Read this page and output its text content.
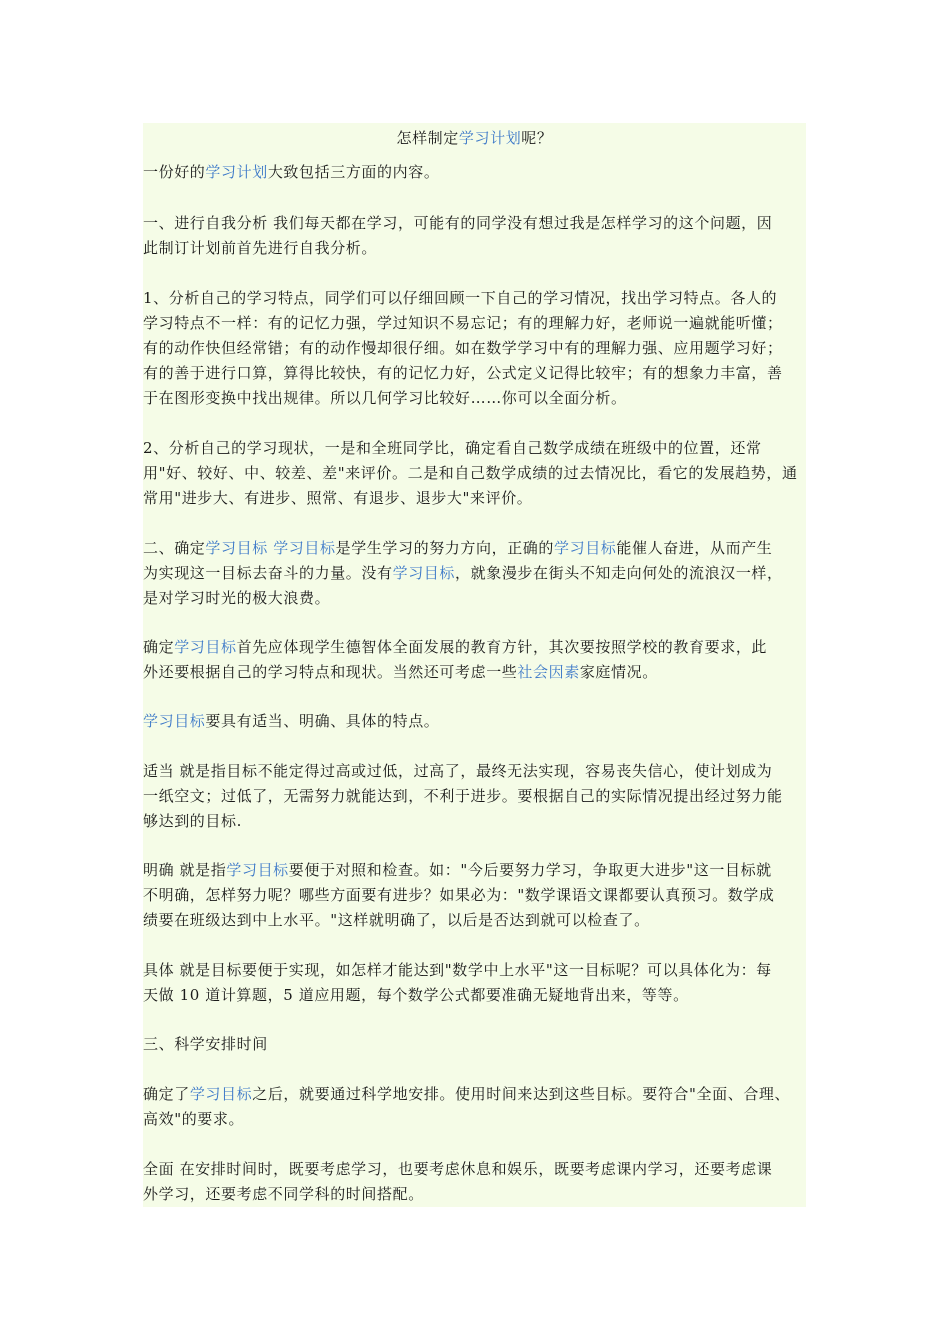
怎样制定学习计划呢？
一份好的学习计划大致包括三方面的内容。
一、进行自我分析 我们每天都在学习，可能有的同学没有想过我是怎样学习的这个问题，因
此制订计划前首先进行自我分析。
1、分析自己的学习特点，同学们可以仔细回顾一下自己的学习情况，找出学习特点。各人的
学习特点不一样：有的记忆力强，学过知识不易忘记；有的理解力好，老师说一遍就能听懂；
有的动作快但经常错；有的动作慢却很仔细。如在数学学习中有的理解力强、应用题学习好；
有的善于进行口算，算得比较快，有的记忆力好，公式定义记得比较牢；有的想象力丰富，善
于在图形变换中找出规律。所以几何学习比较好……你可以全面分析。
2、分析自己的学习现状，一是和全班同学比，确定看自己数学成绩在班级中的位置，还常
用"好、较好、中、较差、差"来评价。二是和自己数学成绩的过去情况比，看它的发展趋势，通
常用"进步大、有进步、照常、有退步、退步大"来评价。
二、确定学习目标 学习目标是学生学习的努力方向，正确的学习目标能催人奋进，从而产生
为实现这一目标去奋斗的力量。没有学习目标，就象漫步在街头不知走向何处的流浪汉一样，
是对学习时光的极大浪费。
确定学习目标首先应体现学生德智体全面发展的教育方针，其次要按照学校的教育要求，此
外还要根据自己的学习特点和现状。当然还可考虑一些社会因素家庭情况。
学习目标要具有适当、明确、具体的特点。
适当 就是指目标不能定得过高或过低，过高了，最终无法实现，容易丧失信心，使计划成为
一纸空文；过低了，无需努力就能达到，不利于进步。要根据自己的实际情况提出经过努力能
够达到的目标.
明确 就是指学习目标要便于对照和检查。如："今后要努力学习，争取更大进步"这一目标就
不明确，怎样努力呢？哪些方面要有进步？如果必为："数学课语文课都要认真预习。数学成
绩要在班级达到中上水平。"这样就明确了，以后是否达到就可以检查了。
具体 就是目标要便于实现，如怎样才能达到"数学中上水平"这一目标呢？可以具体化为：每
天做 10 道计算题，5 道应用题，每个数学公式都要准确无疑地背出来，等等。
三、科学安排时间
确定了学习目标之后，就要通过科学地安排。使用时间来达到这些目标。要符合"全面、合理、
高效"的要求。
全面 在安排时间时，既要考虑学习，也要考虑休息和娱乐，既要考虑课内学习，还要考虑课
外学习，还要考虑不同学科的时间搭配。
